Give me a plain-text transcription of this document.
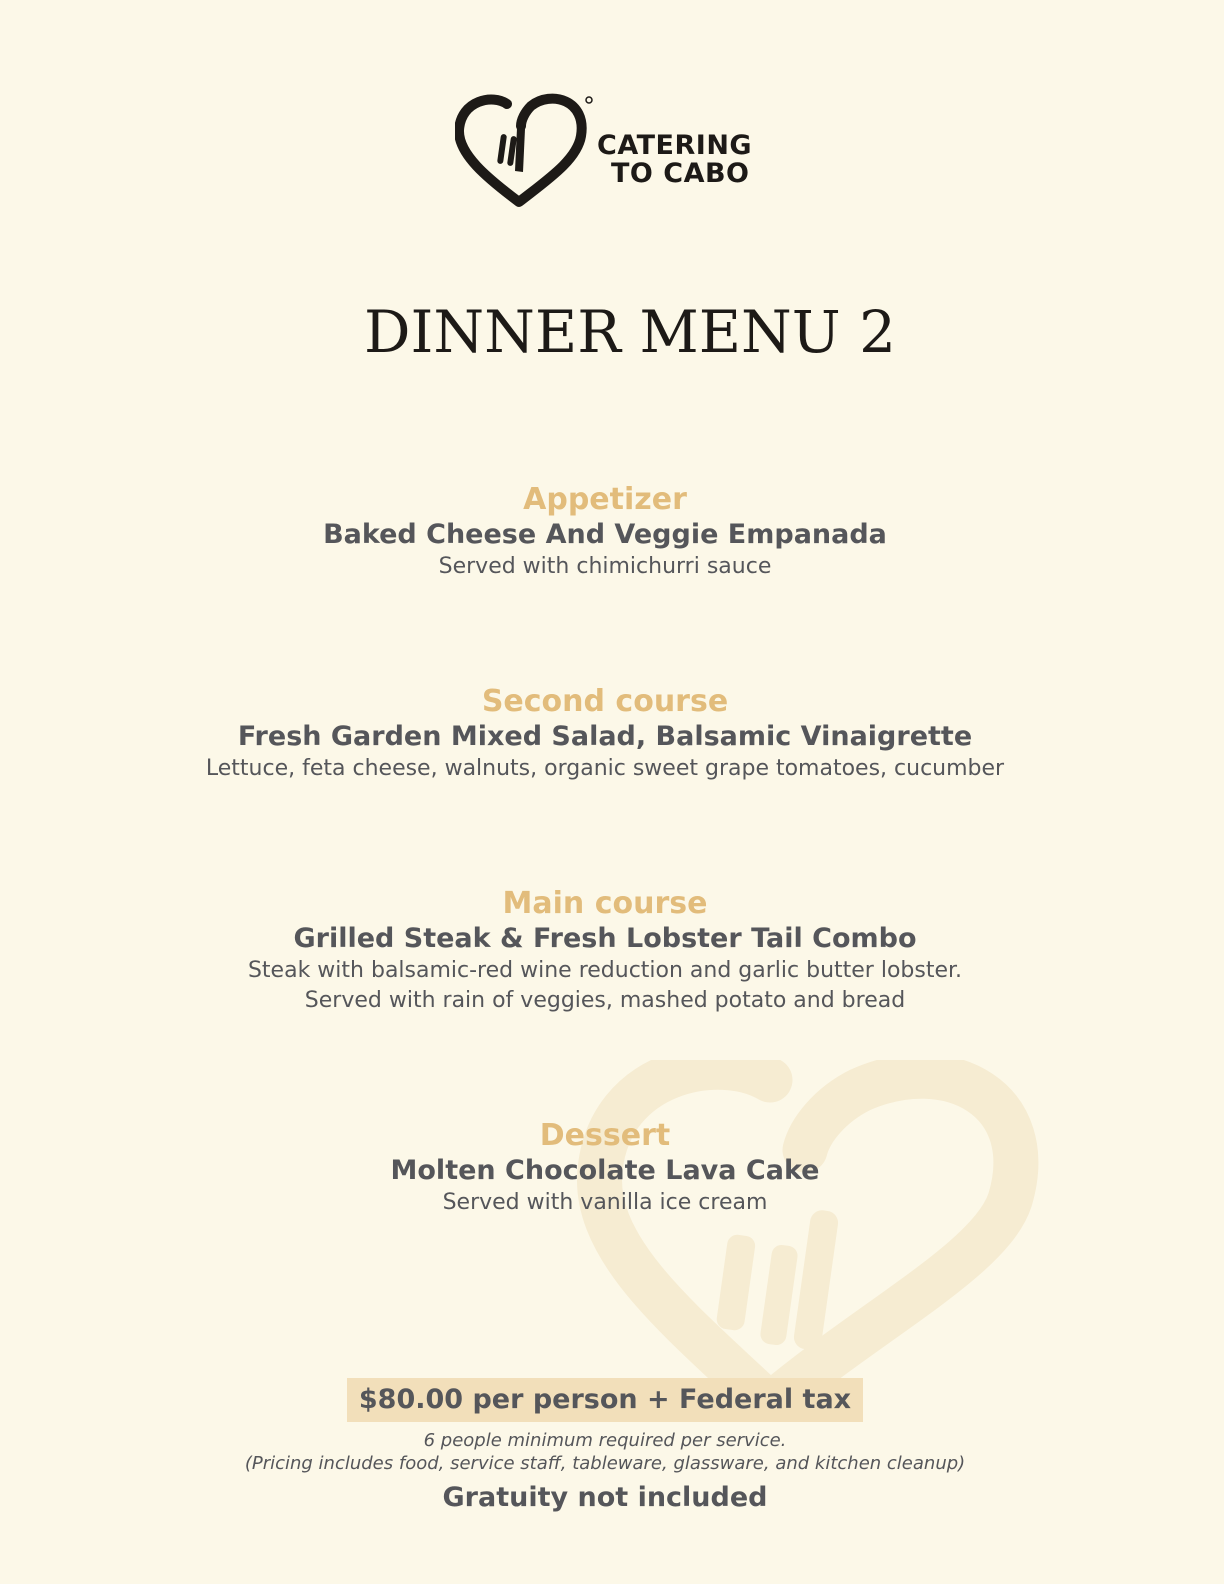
CATERING
TO CABO
DINNER MENU 2
Appetizer
Baked Cheese And Veggie Empanada
Served with chimichurri sauce
Second course
Fresh Garden Mixed Salad, Balsamic Vinaigrette
Lettuce, feta cheese, walnuts, organic sweet grape tomatoes, cucumber
Main course
Grilled Steak & Fresh Lobster Tail Combo
Steak with balsamic-red wine reduction and garlic butter lobster.
Served with rain of veggies, mashed potato and bread
Dessert
Molten Chocolate Lava Cake
Served with vanilla ice cream
$80.00 per person + Federal tax
6 people minimum required per service.
(Pricing includes food, service staff, tableware, glassware, and kitchen cleanup)
Gratuity not included
